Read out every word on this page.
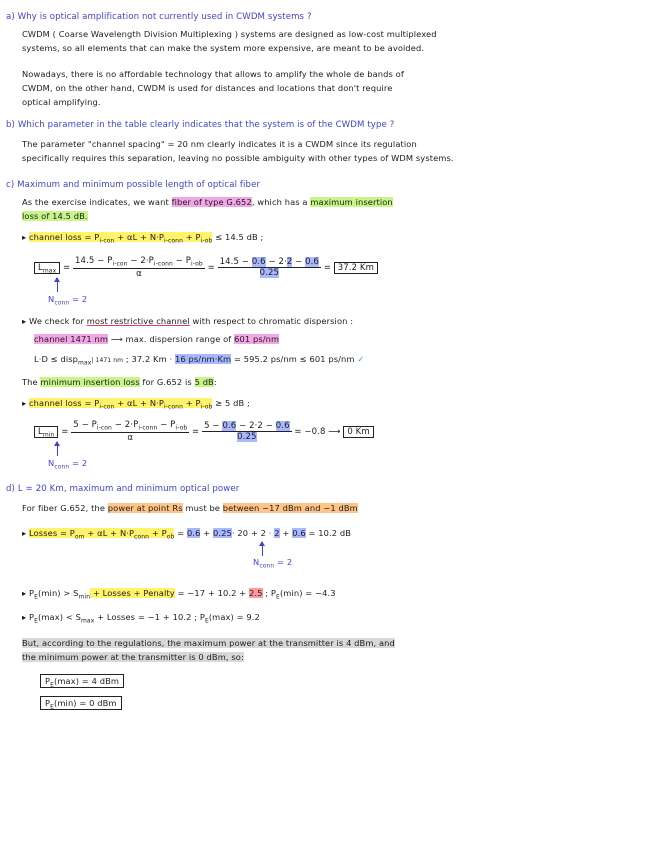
a) Why is optical amplification not currently used in CWDM systems ?
CWDM ( Coarse Wavelength Division Multiplexing ) systems are designed as low-cost multiplexed
systems, so all elements that can make the system more expensive, are meant to be avoided.
Nowadays, there is no affordable technology that allows to amplify the whole de bands of
CWDM, on the other hand, CWDM is used for distances and locations that don't require
optical amplifying.
b) Which parameter in the table clearly indicates that the system is of the CWDM type ?
The parameter "channel spacing" = 20 nm clearly indicates it is a CWDM since its regulation
specifically requires this separation, leaving no possible ambiguity with other types of WDM systems.
c) Maximum and minimum possible length of optical fiber
As the exercise indicates, we want fiber of type G.652, which has a maximum insertion
loss of 14.5 dB.
▸ channel loss = $P_{i-con} + \alpha L + N\cdot P_{i-conn} + P_{i-ob} \le 14.5$ dB ;
$L_{max} = \frac{14.5 - P_{i-con} - 2\cdot P_{i-conn} - P_{i-ob}}{\alpha} = \frac{14.5 - 0.6 - 2\cdot 2 - 0.6}{0.25} = 37.2$ Km
$N_{conn} = 2$
▸ We check for most restrictive channel with respect to chromatic dispersion :
channel 1471 nm ⟶ max. dispersion range of 601 ps/nm
L·D ≤ disp$_{max}$| 1471 nm ; 37.2 Km · 16 ps/nm·Km = 595.2 ps/nm ≤ 601 ps/nm ✓
The minimum insertion loss for G.652 is 5 dB:
▸ channel loss = $P_{i-con} + \alpha L + N\cdot P_{i-conn} + P_{i-ob} \ge 5$ dB ;
$L_{min} = \frac{5 - P_{i-con} - 2\cdot P_{i-conn} - P_{i-ob}}{\alpha} = \frac{5 - 0.6 - 2\cdot 2 - 0.6}{0.25} = -0.8$ ⟶ 0 Km
$N_{conn} = 2$
d) L = 20 Km, maximum and minimum optical power
For fiber G.652, the power at point Rs must be between −17 dBm and −1 dBm
▸ Losses = $P_{om} + \alpha L + N\cdot P_{conn} + P_{ob} = 0.6 + 0.25\cdot 20 + 2 \cdot 2 + 0.6 = 10.2$ dB
$N_{conn} = 2$
▸ $P_E(\min) > S_{min}$ + Losses + Penalty = −17 + 10.2 + 2.5 ; $P_E(\min) = -4.3$
▸ $P_E(\max) < S_{max}$ + Losses = −1 + 10.2 ; $P_E(\max) = 9.2$
But, according to the regulations, the maximum power at the transmitter is 4 dBm, and
the minimum power at the transmitter is 0 dBm, so:
$P_E(\max) = 4$ dBm
$P_E(\min) = 0$ dBm
